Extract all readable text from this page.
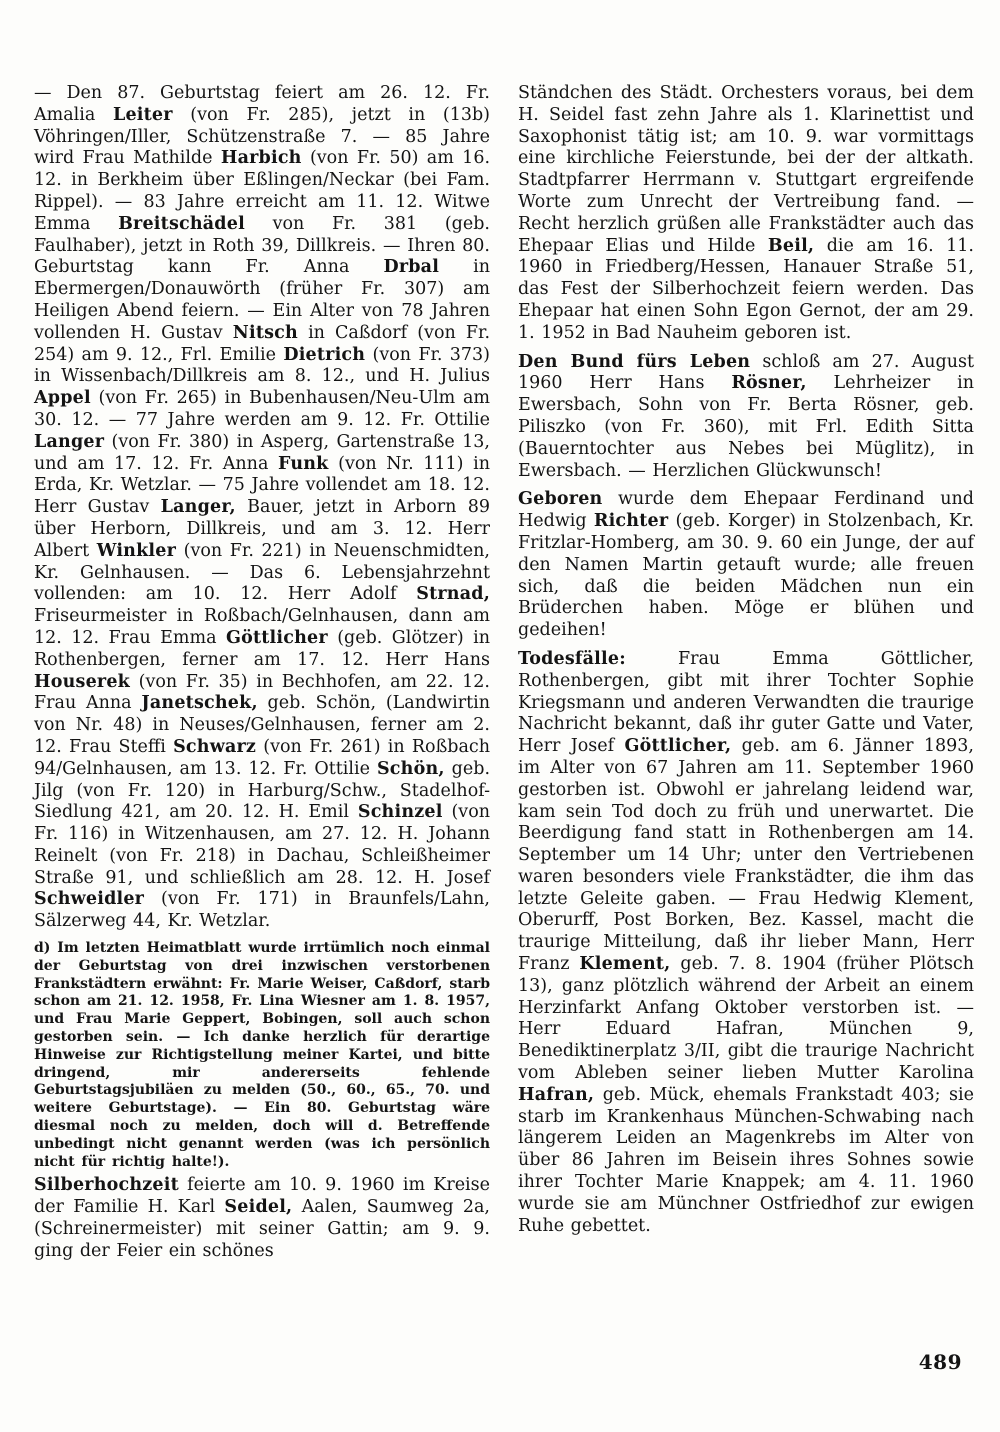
— Den 87. Geburtstag feiert am 26. 12. Fr. Amalia Leiter (von Fr. 285), jetzt in (13b) Vöhringen/Iller, Schützenstraße 7. — 85 Jahre wird Frau Mathilde Harbich (von Fr. 50) am 16. 12. in Berkheim über Eßlingen/Neckar (bei Fam. Rippel). — 83 Jahre erreicht am 11. 12. Witwe Emma Breitschädel von Fr. 381 (geb. Faulhaber), jetzt in Roth 39, Dillkreis. — Ihren 80. Geburtstag kann Fr. Anna Drbal in Ebermergen/Donauwörth (früher Fr. 307) am Heiligen Abend feiern. — Ein Alter von 78 Jahren vollenden H. Gustav Nitsch in Caßdorf (von Fr. 254) am 9. 12., Frl. Emilie Dietrich (von Fr. 373) in Wissenbach/Dillkreis am 8. 12., und H. Julius Appel (von Fr. 265) in Bubenhausen/Neu-Ulm am 30. 12. — 77 Jahre werden am 9. 12. Fr. Ottilie Langer (von Fr. 380) in Asperg, Gartenstraße 13, und am 17. 12. Fr. Anna Funk (von Nr. 111) in Erda, Kr. Wetzlar. — 75 Jahre vollendet am 18. 12. Herr Gustav Langer, Bauer, jetzt in Arborn 89 über Herborn, Dillkreis, und am 3. 12. Herr Albert Winkler (von Fr. 221) in Neuenschmidten, Kr. Gelnhausen. — Das 6. Lebensjahrzehnt vollenden: am 10. 12. Herr Adolf Strnad, Friseurmeister in Roßbach/Gelnhausen, dann am 12. 12. Frau Emma Göttlicher (geb. Glötzer) in Rothenbergen, ferner am 17. 12. Herr Hans Houserek (von Fr. 35) in Bechhofen, am 22. 12. Frau Anna Janetschek, geb. Schön, (Landwirtin von Nr. 48) in Neuses/Gelnhausen, ferner am 2. 12. Frau Steffi Schwarz (von Fr. 261) in Roßbach 94/Gelnhausen, am 13. 12. Fr. Ottilie Schön, geb. Jilg (von Fr. 120) in Harburg/Schw., Stadelhof-Siedlung 421, am 20. 12. H. Emil Schinzel (von Fr. 116) in Witzenhausen, am 27. 12. H. Johann Reinelt (von Fr. 218) in Dachau, Schleißheimer Straße 91, und schließlich am 28. 12. H. Josef Schweidler (von Fr. 171) in Braunfels/Lahn, Sälzerweg 44, Kr. Wetzlar.

d) Im letzten Heimatblatt wurde irrtümlich noch einmal der Geburtstag von drei inzwischen verstorbenen Frankstädtern erwähnt: Fr. Marie Weiser, Caßdorf, starb schon am 21. 12. 1958, Fr. Lina Wiesner am 1. 8. 1957, und Frau Marie Geppert, Bobingen, soll auch schon gestorben sein. — Ich danke herzlich für derartige Hinweise zur Richtigstellung meiner Kartei, und bitte dringend, mir andererseits fehlende Geburtstagsjubiläen zu melden (50., 60., 65., 70. und weitere Geburtstage). — Ein 80. Geburtstag wäre diesmal noch zu melden, doch will d. Betreffende unbedingt nicht genannt werden (was ich persönlich nicht für richtig halte!).

Silberhochzeit feierte am 10. 9. 1960 im Kreise der Familie H. Karl Seidel, Aalen, Saumweg 2a, (Schreinermeister) mit seiner Gattin; am 9. 9. ging der Feier ein schönes

Ständchen des Städt. Orchesters voraus, bei dem H. Seidel fast zehn Jahre als 1. Klarinettist und Saxophonist tätig ist; am 10. 9. war vormittags eine kirchliche Feierstunde, bei der der altkath. Stadtpfarrer Herrmann v. Stuttgart ergreifende Worte zum Unrecht der Vertreibung fand. — Recht herzlich grüßen alle Frankstädter auch das Ehepaar Elias und Hilde Beil, die am 16. 11. 1960 in Friedberg/Hessen, Hanauer Straße 51, das Fest der Silberhochzeit feiern werden. Das Ehepaar hat einen Sohn Egon Gernot, der am 29. 1. 1952 in Bad Nauheim geboren ist.

Den Bund fürs Leben schloß am 27. August 1960 Herr Hans Rösner, Lehrheizer in Ewersbach, Sohn von Fr. Berta Rösner, geb. Piliszko (von Fr. 360), mit Frl. Edith Sitta (Bauerntochter aus Nebes bei Müglitz), in Ewersbach. — Herzlichen Glückwunsch!

Geboren wurde dem Ehepaar Ferdinand und Hedwig Richter (geb. Korger) in Stolzenbach, Kr. Fritzlar-Homberg, am 30. 9. 60 ein Junge, der auf den Namen Martin getauft wurde; alle freuen sich, daß die beiden Mädchen nun ein Brüderchen haben. Möge er blühen und gedeihen!

Todesfälle: Frau Emma Göttlicher, Rothenbergen, gibt mit ihrer Tochter Sophie Kriegsmann und anderen Verwandten die traurige Nachricht bekannt, daß ihr guter Gatte und Vater, Herr Josef Göttlicher, geb. am 6. Jänner 1893, im Alter von 67 Jahren am 11. September 1960 gestorben ist. Obwohl er jahrelang leidend war, kam sein Tod doch zu früh und unerwartet. Die Beerdigung fand statt in Rothenbergen am 14. September um 14 Uhr; unter den Vertriebenen waren besonders viele Frankstädter, die ihm das letzte Geleite gaben. — Frau Hedwig Klement, Oberurff, Post Borken, Bez. Kassel, macht die traurige Mitteilung, daß ihr lieber Mann, Herr Franz Klement, geb. 7. 8. 1904 (früher Plötsch 13), ganz plötzlich während der Arbeit an einem Herzinfarkt Anfang Oktober verstorben ist. — Herr Eduard Hafran, München 9, Benediktinerplatz 3/II, gibt die traurige Nachricht vom Ableben seiner lieben Mutter Karolina Hafran, geb. Mück, ehemals Frankstadt 403; sie starb im Krankenhaus München-Schwabing nach längerem Leiden an Magenkrebs im Alter von über 86 Jahren im Beisein ihres Sohnes sowie ihrer Tochter Marie Knappek; am 4. 11. 1960 wurde sie am Münchner Ostfriedhof zur ewigen Ruhe gebettet.

489
